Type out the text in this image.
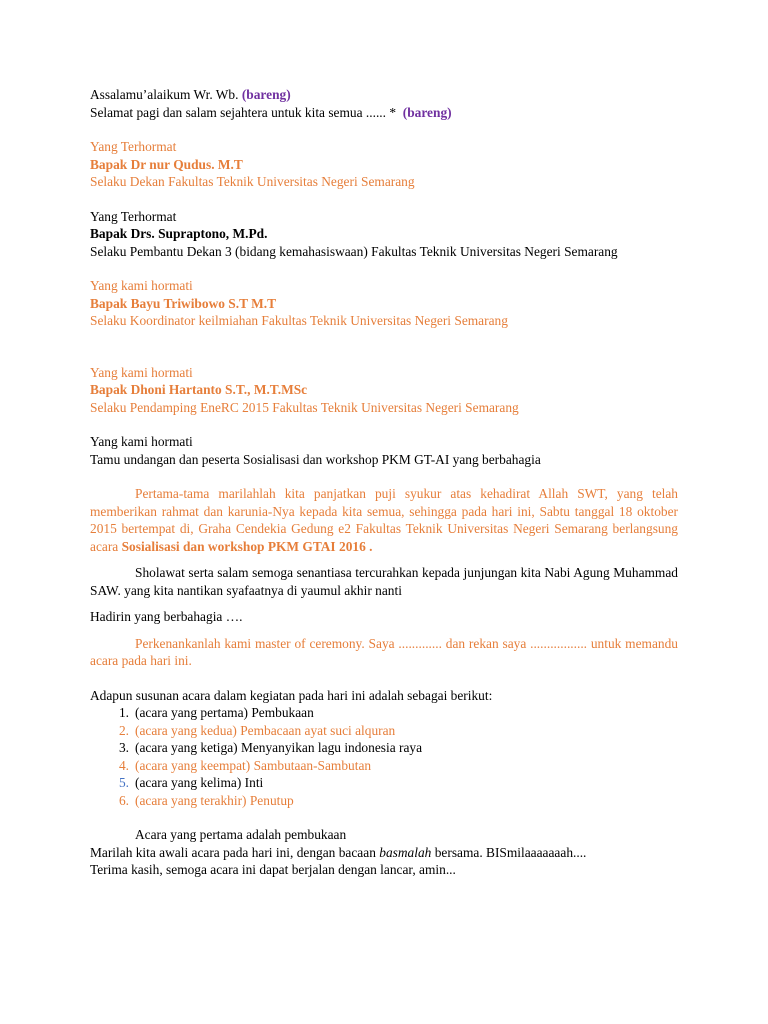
Assalamu’alaikum Wr. Wb. (bareng)
Selamat pagi dan salam sejahtera untuk kita semua ...... * (bareng)
Yang Terhormat
Bapak Dr nur Qudus. M.T
Selaku Dekan Fakultas Teknik Universitas Negeri Semarang
Yang Terhormat
Bapak Drs. Supraptono, M.Pd.
Selaku Pembantu Dekan 3 (bidang kemahasiswaan) Fakultas Teknik Universitas Negeri Semarang
Yang kami hormati
Bapak Bayu Triwibowo S.T M.T
Selaku Koordinator keilmiahan Fakultas Teknik Universitas Negeri Semarang
Yang kami hormati
Bapak Dhoni Hartanto S.T., M.T.MSc
Selaku Pendamping EneRC 2015 Fakultas Teknik Universitas Negeri Semarang
Yang kami hormati
Tamu undangan dan peserta Sosialisasi dan workshop PKM GT-AI yang berbahagia
Pertama-tama marilahlah kita panjatkan puji syukur atas kehadirat Allah SWT, yang telah memberikan rahmat dan karunia-Nya kepada kita semua, sehingga pada hari ini, Sabtu tanggal 18 oktober 2015 bertempat di, Graha Cendekia Gedung e2 Fakultas Teknik Universitas Negeri Semarang berlangsung acara Sosialisasi dan workshop PKM GTAI 2016 .
Sholawat serta salam semoga senantiasa tercurahkan kepada junjungan kita Nabi Agung Muhammad SAW. yang kita nantikan syafaatnya di yaumul akhir nanti
Hadirin yang berbahagia ….
Perkenankanlah kami master of ceremony. Saya ............. dan rekan saya ................. untuk memandu acara pada hari ini.
Adapun susunan acara dalam kegiatan pada hari ini adalah sebagai berikut:
1. (acara yang pertama) Pembukaan
2. (acara yang kedua) Pembacaan ayat suci alquran
3. (acara yang ketiga) Menyanyikan lagu indonesia raya
4. (acara yang keempat) Sambutaan-Sambutan
5. (acara yang kelima) Inti
6. (acara yang terakhir) Penutup
Acara yang pertama adalah pembukaan
Marilah kita awali acara pada hari ini, dengan bacaan basmalah bersama. BISmilaaaaaaah....
Terima kasih, semoga acara ini dapat berjalan dengan lancar, amin...
